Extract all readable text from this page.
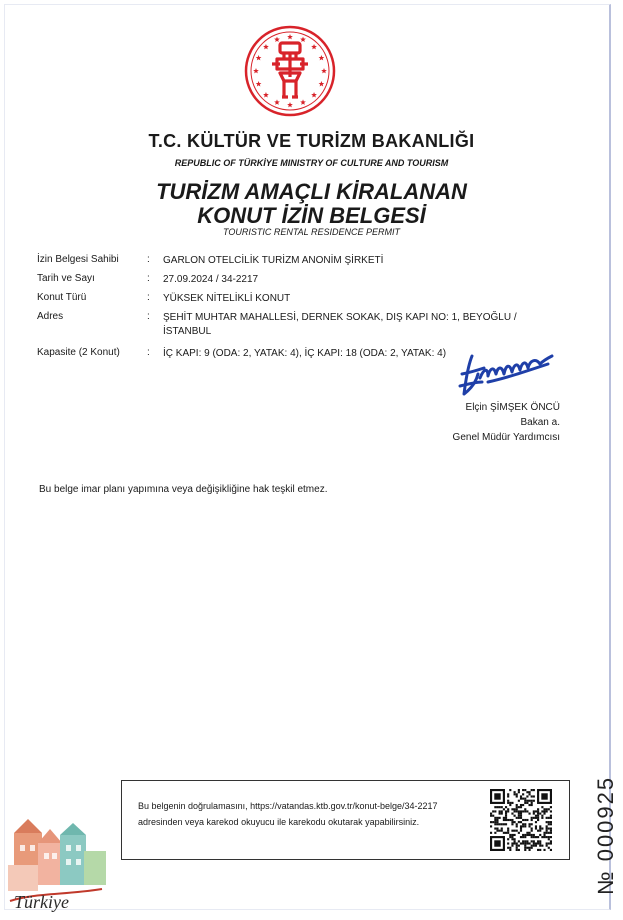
T.C. KÜLTÜR VE TURİZM BAKANLIĞI
REPUBLIC OF TÜRKİYE MINISTRY OF CULTURE AND TOURISM
TURİZM AMAÇLI KİRALANAN
KONUT İZİN BELGESİ
TOURISTIC RENTAL RESIDENCE PERMIT
İzin Belgesi Sahibi	: GARLON OTELCİLİK TURİZM ANONİM ŞİRKETİ
Tarih ve Sayı	: 27.09.2024 / 34-2217
Konut Türü	: YÜKSEK NİTELİKLİ KONUT
Adres	: ŞEHİT MUHTAR MAHALLESİ, DERNEK SOKAK, DIŞ KAPI NO: 1, BEYOĞLU /
İSTANBUL
Kapasite (2 Konut)	: İÇ KAPI: 9 (ODA: 2, YATAK: 4), İÇ KAPI: 18 (ODA: 2, YATAK: 4)
Elçin ŞİMŞEK ÖNCÜ
Bakan a.
Genel Müdür Yardımcısı
Bu belge imar planı yapımına veya değişikliğine hak teşkil etmez.
Bu belgenin doğrulamasını, https://vatandas.ktb.gov.tr/konut-belge/34-2217
adresinden veya karekod okuyucu ile karekodu okutarak yapabilirsiniz.
Türkiye
№ 000925
